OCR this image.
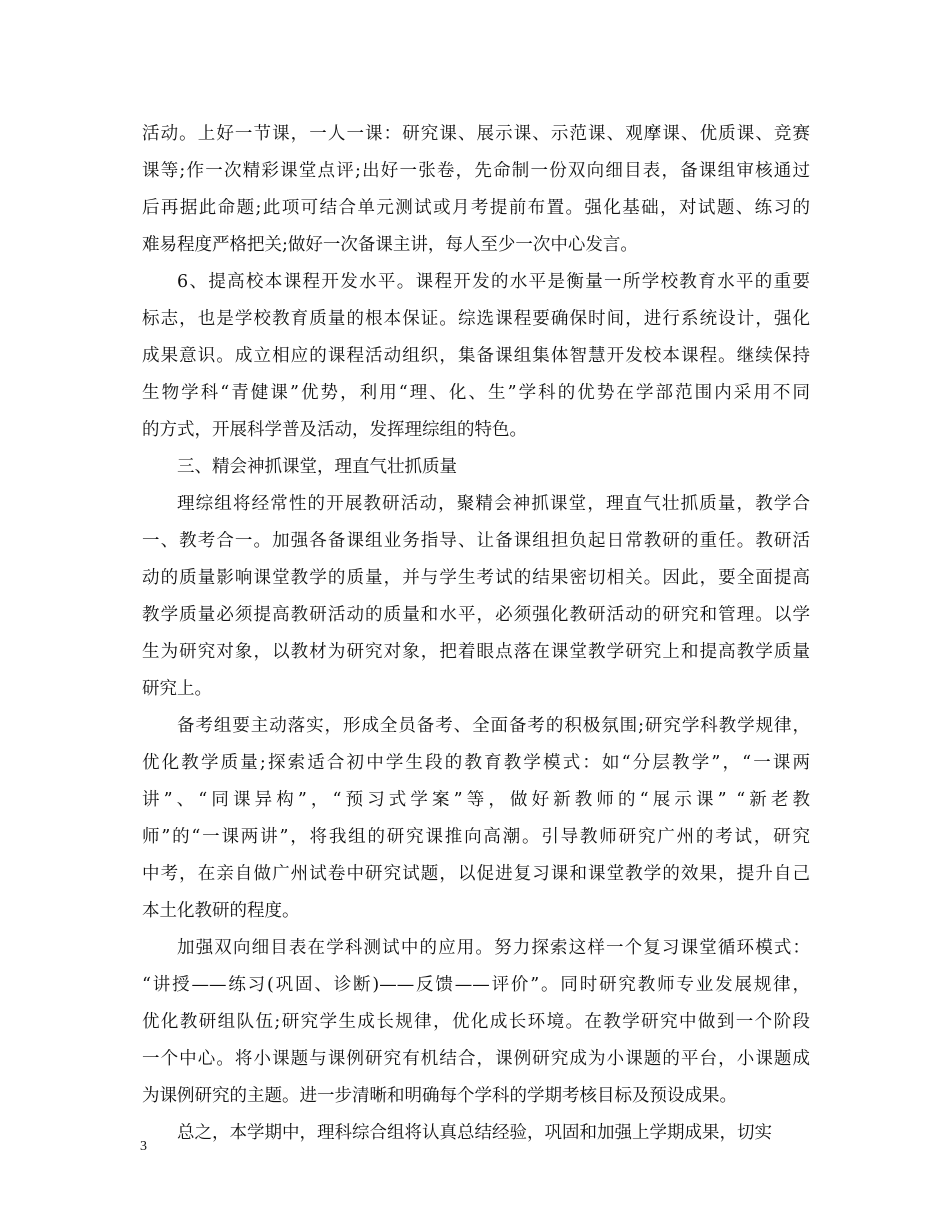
活动。上好一节课，一人一课：研究课、展示课、示范课、观摩课、优质课、竞赛
课等;作一次精彩课堂点评;出好一张卷，先命制一份双向细目表，备课组审核通过
后再据此命题;此项可结合单元测试或月考提前布置。强化基础，对试题、练习的
难易程度严格把关;做好一次备课主讲，每人至少一次中心发言。

6、提高校本课程开发水平。课程开发的水平是衡量一所学校教育水平的重要
标志，也是学校教育质量的根本保证。综选课程要确保时间，进行系统设计，强化
成果意识。成立相应的课程活动组织，集备课组集体智慧开发校本课程。继续保持
生物学科“青健课”优势，利用“理、化、生”学科的优势在学部范围内采用不同
的方式，开展科学普及活动，发挥理综组的特色。

三、精会神抓课堂，理直气壮抓质量

理综组将经常性的开展教研活动，聚精会神抓课堂，理直气壮抓质量，教学合
一、教考合一。加强各备课组业务指导、让备课组担负起日常教研的重任。教研活
动的质量影响课堂教学的质量，并与学生考试的结果密切相关。因此，要全面提高
教学质量必须提高教研活动的质量和水平，必须强化教研活动的研究和管理。以学
生为研究对象，以教材为研究对象，把着眼点落在课堂教学研究上和提高教学质量
研究上。

备考组要主动落实，形成全员备考、全面备考的积极氛围;研究学科教学规律，
优化教学质量;探索适合初中学生段的教育教学模式：如“分层教学”，“一课两
讲”、“同课异构”，“预习式学案”等，做好新教师的“展示课” “新老教
师”的“一课两讲”，将我组的研究课推向高潮。引导教师研究广州的考试，研究
中考，在亲自做广州试卷中研究试题，以促进复习课和课堂教学的效果，提升自己
本土化教研的程度。

加强双向细目表在学科测试中的应用。努力探索这样一个复习课堂循环模式：
“讲授——练习(巩固、诊断)——反馈——评价”。同时研究教师专业发展规律，
优化教研组队伍;研究学生成长规律，优化成长环境。在教学研究中做到一个阶段
一个中心。将小课题与课例研究有机结合，课例研究成为小课题的平台，小课题成
为课例研究的主题。进一步清晰和明确每个学科的学期考核目标及预设成果。

总之，本学期中，理科综合组将认真总结经验，巩固和加强上学期成果，切实

3
